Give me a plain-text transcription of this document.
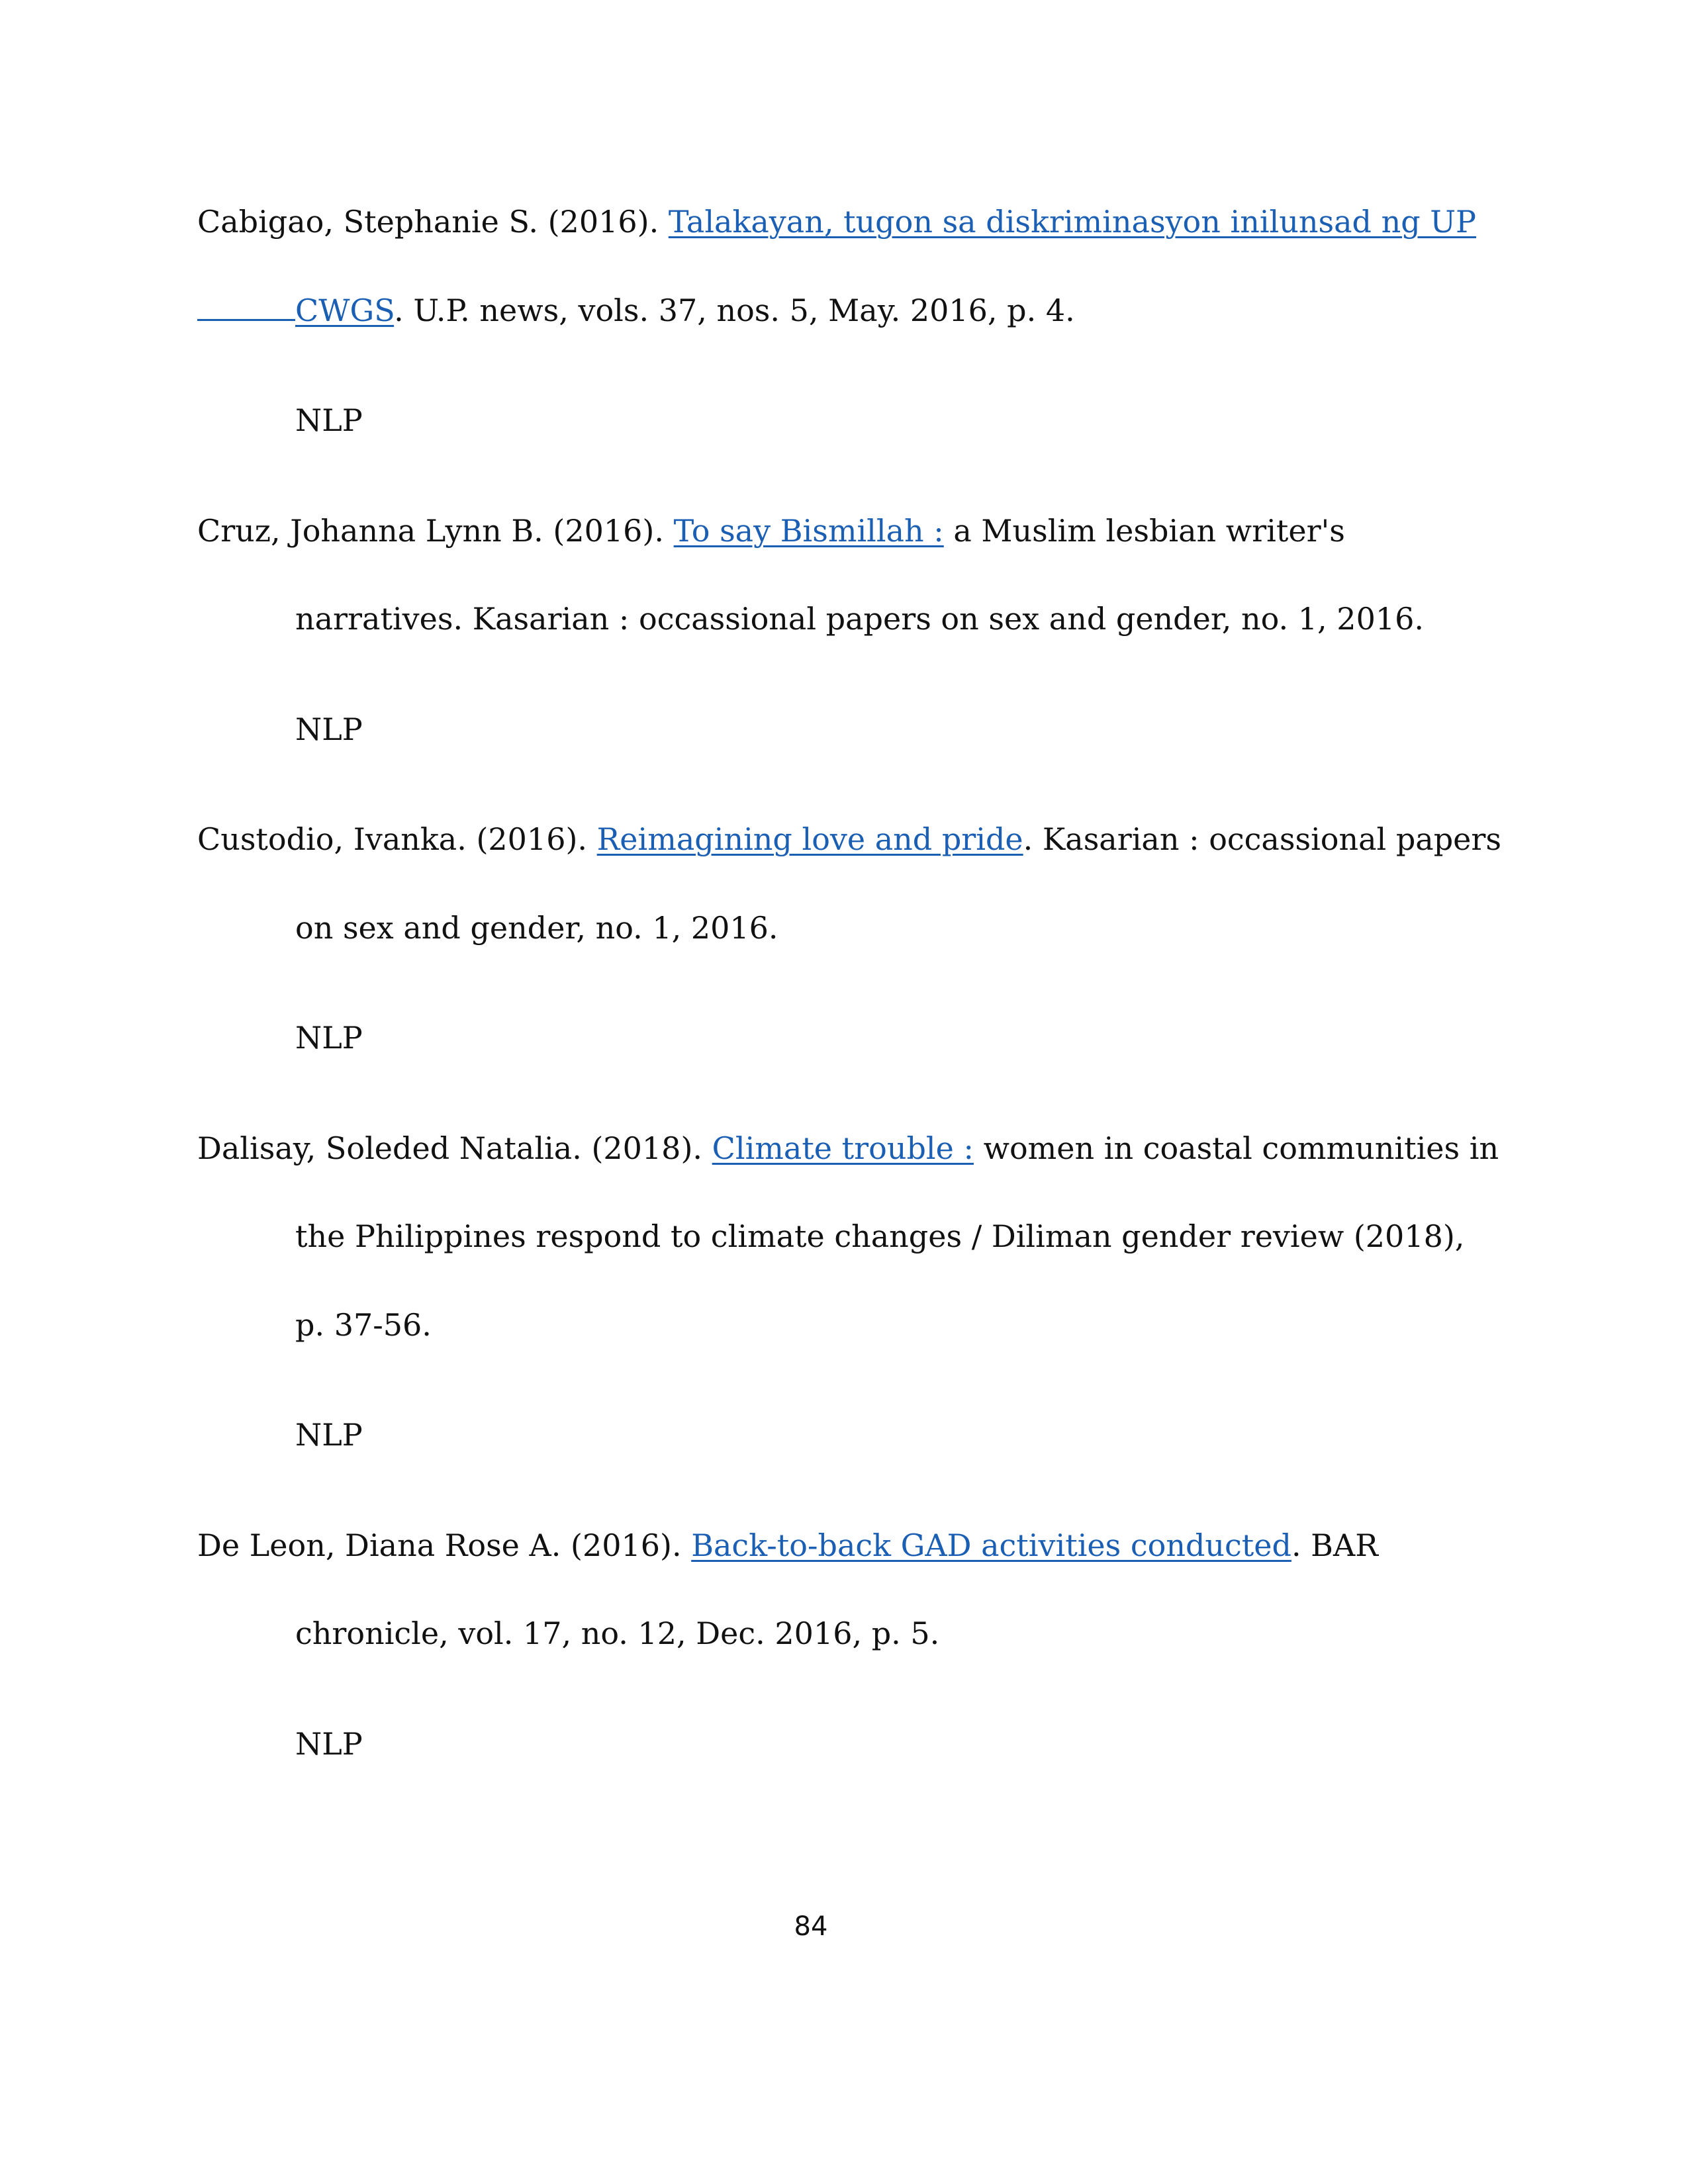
Cabigao, Stephanie S. (2016). Talakayan, tugon sa diskriminasyon inilunsad ng UP
CWGS. U.P. news, vols. 37, nos. 5, May. 2016, p. 4.
NLP
Cruz, Johanna Lynn B. (2016). To say Bismillah : a Muslim lesbian writer's
narratives. Kasarian : occassional papers on sex and gender, no. 1, 2016.
NLP
Custodio, Ivanka. (2016). Reimagining love and pride. Kasarian : occassional papers
on sex and gender, no. 1, 2016.
NLP
Dalisay, Soleded Natalia. (2018). Climate trouble : women in coastal communities in
the Philippines respond to climate changes / Diliman gender review (2018),
p. 37-56.
NLP
De Leon, Diana Rose A. (2016). Back-to-back GAD activities conducted. BAR
chronicle, vol. 17, no. 12, Dec. 2016, p. 5.
NLP
84
